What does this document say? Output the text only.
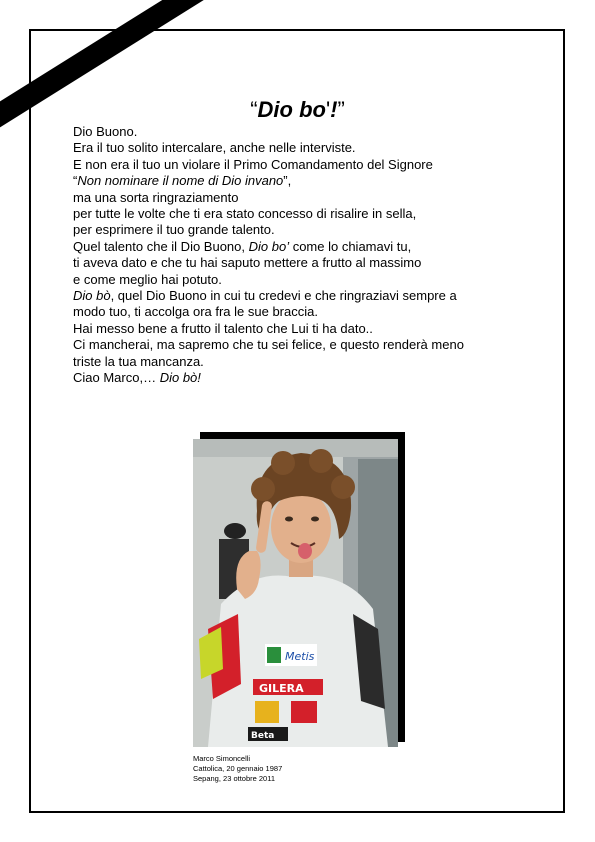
“Dio bo'!”
Dio Buono.
Era il tuo solito intercalare, anche nelle interviste.
E non era il tuo un violare il Primo Comandamento del Signore
“Non nominare il nome di Dio invano”,
ma una sorta ringraziamento
per tutte le volte che ti era stato concesso di risalire in sella,
per esprimere il tuo grande talento.
Quel talento che il Dio Buono, Dio bo’ come lo chiamavi tu,
ti aveva dato e che tu hai saputo mettere a frutto al massimo
e come meglio hai potuto.
Dio bò, quel Dio Buono in cui tu credevi e che ringraziavi sempre a
modo tuo, ti accolga ora fra le sue braccia.
Hai messo bene a frutto il talento che Lui ti ha dato..
Ci mancherai, ma sapremo che tu sei felice, e questo renderà meno
triste la tua mancanza.
Ciao Marco,… Dio bò!
Metis
GILERA
Beta
Marco Simoncelli
Cattolica, 20 gennaio 1987
Sepang, 23 ottobre 2011
